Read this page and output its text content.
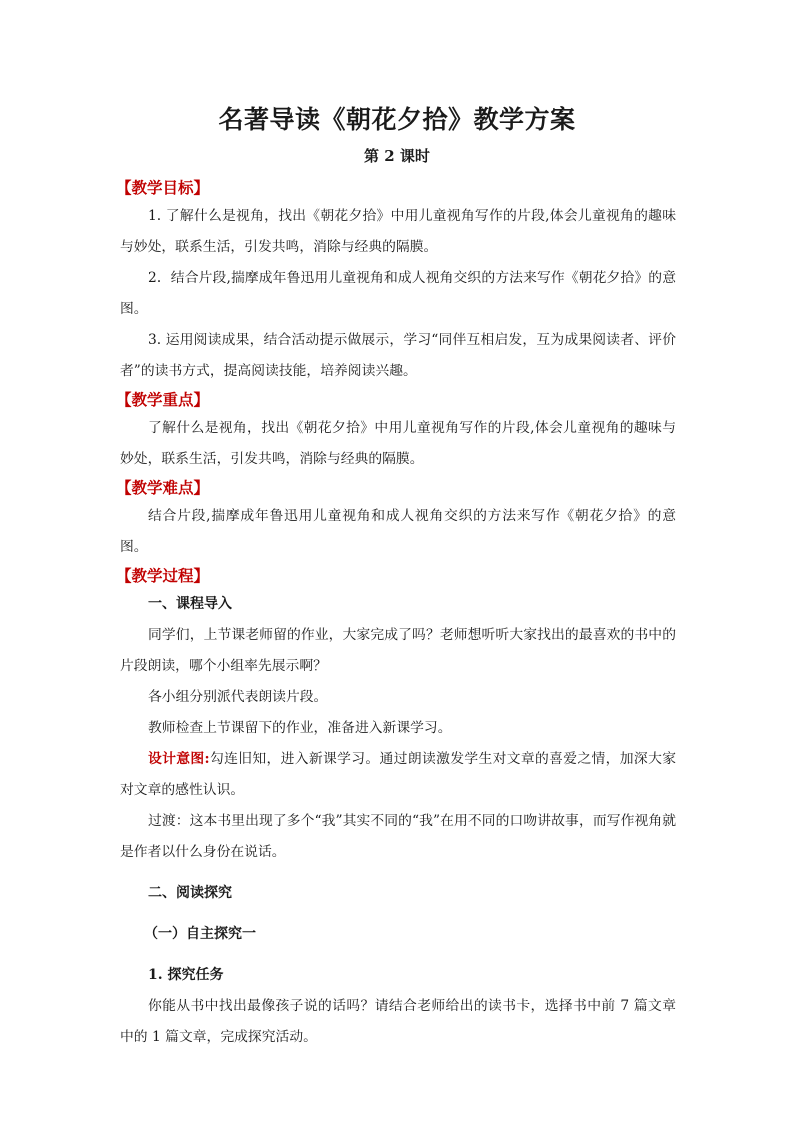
名著导读《朝花夕拾》教学方案
第 2 课时

【教学目标】

1. 了解什么是视角，找出《朝花夕拾》中用儿童视角写作的片段,体会儿童视角的趣味与妙处，联系生活，引发共鸣，消除与经典的隔膜。

2．结合片段,揣摩成年鲁迅用儿童视角和成人视角交织的方法来写作《朝花夕拾》的意图。

3. 运用阅读成果，结合活动提示做展示，学习“同伴互相启发，互为成果阅读者、评价者”的读书方式，提高阅读技能，培养阅读兴趣。

【教学重点】

了解什么是视角，找出《朝花夕拾》中用儿童视角写作的片段,体会儿童视角的趣味与妙处，联系生活，引发共鸣，消除与经典的隔膜。

【教学难点】

结合片段,揣摩成年鲁迅用儿童视角和成人视角交织的方法来写作《朝花夕拾》的意图。

【教学过程】

一、课程导入

同学们，上节课老师留的作业，大家完成了吗？老师想听听大家找出的最喜欢的书中的片段朗读，哪个小组率先展示啊？

各小组分别派代表朗读片段。

教师检查上节课留下的作业，准备进入新课学习。

设计意图:勾连旧知，进入新课学习。通过朗读激发学生对文章的喜爱之情，加深大家对文章的感性认识。

过渡：这本书里出现了多个“我”其实不同的“我”在用不同的口吻讲故事，而写作视角就是作者以什么身份在说话。

二、阅读探究

（一）自主探究一

1. 探究任务

你能从书中找出最像孩子说的话吗？请结合老师给出的读书卡，选择书中前 7 篇文章中的 1 篇文章，完成探究活动。
